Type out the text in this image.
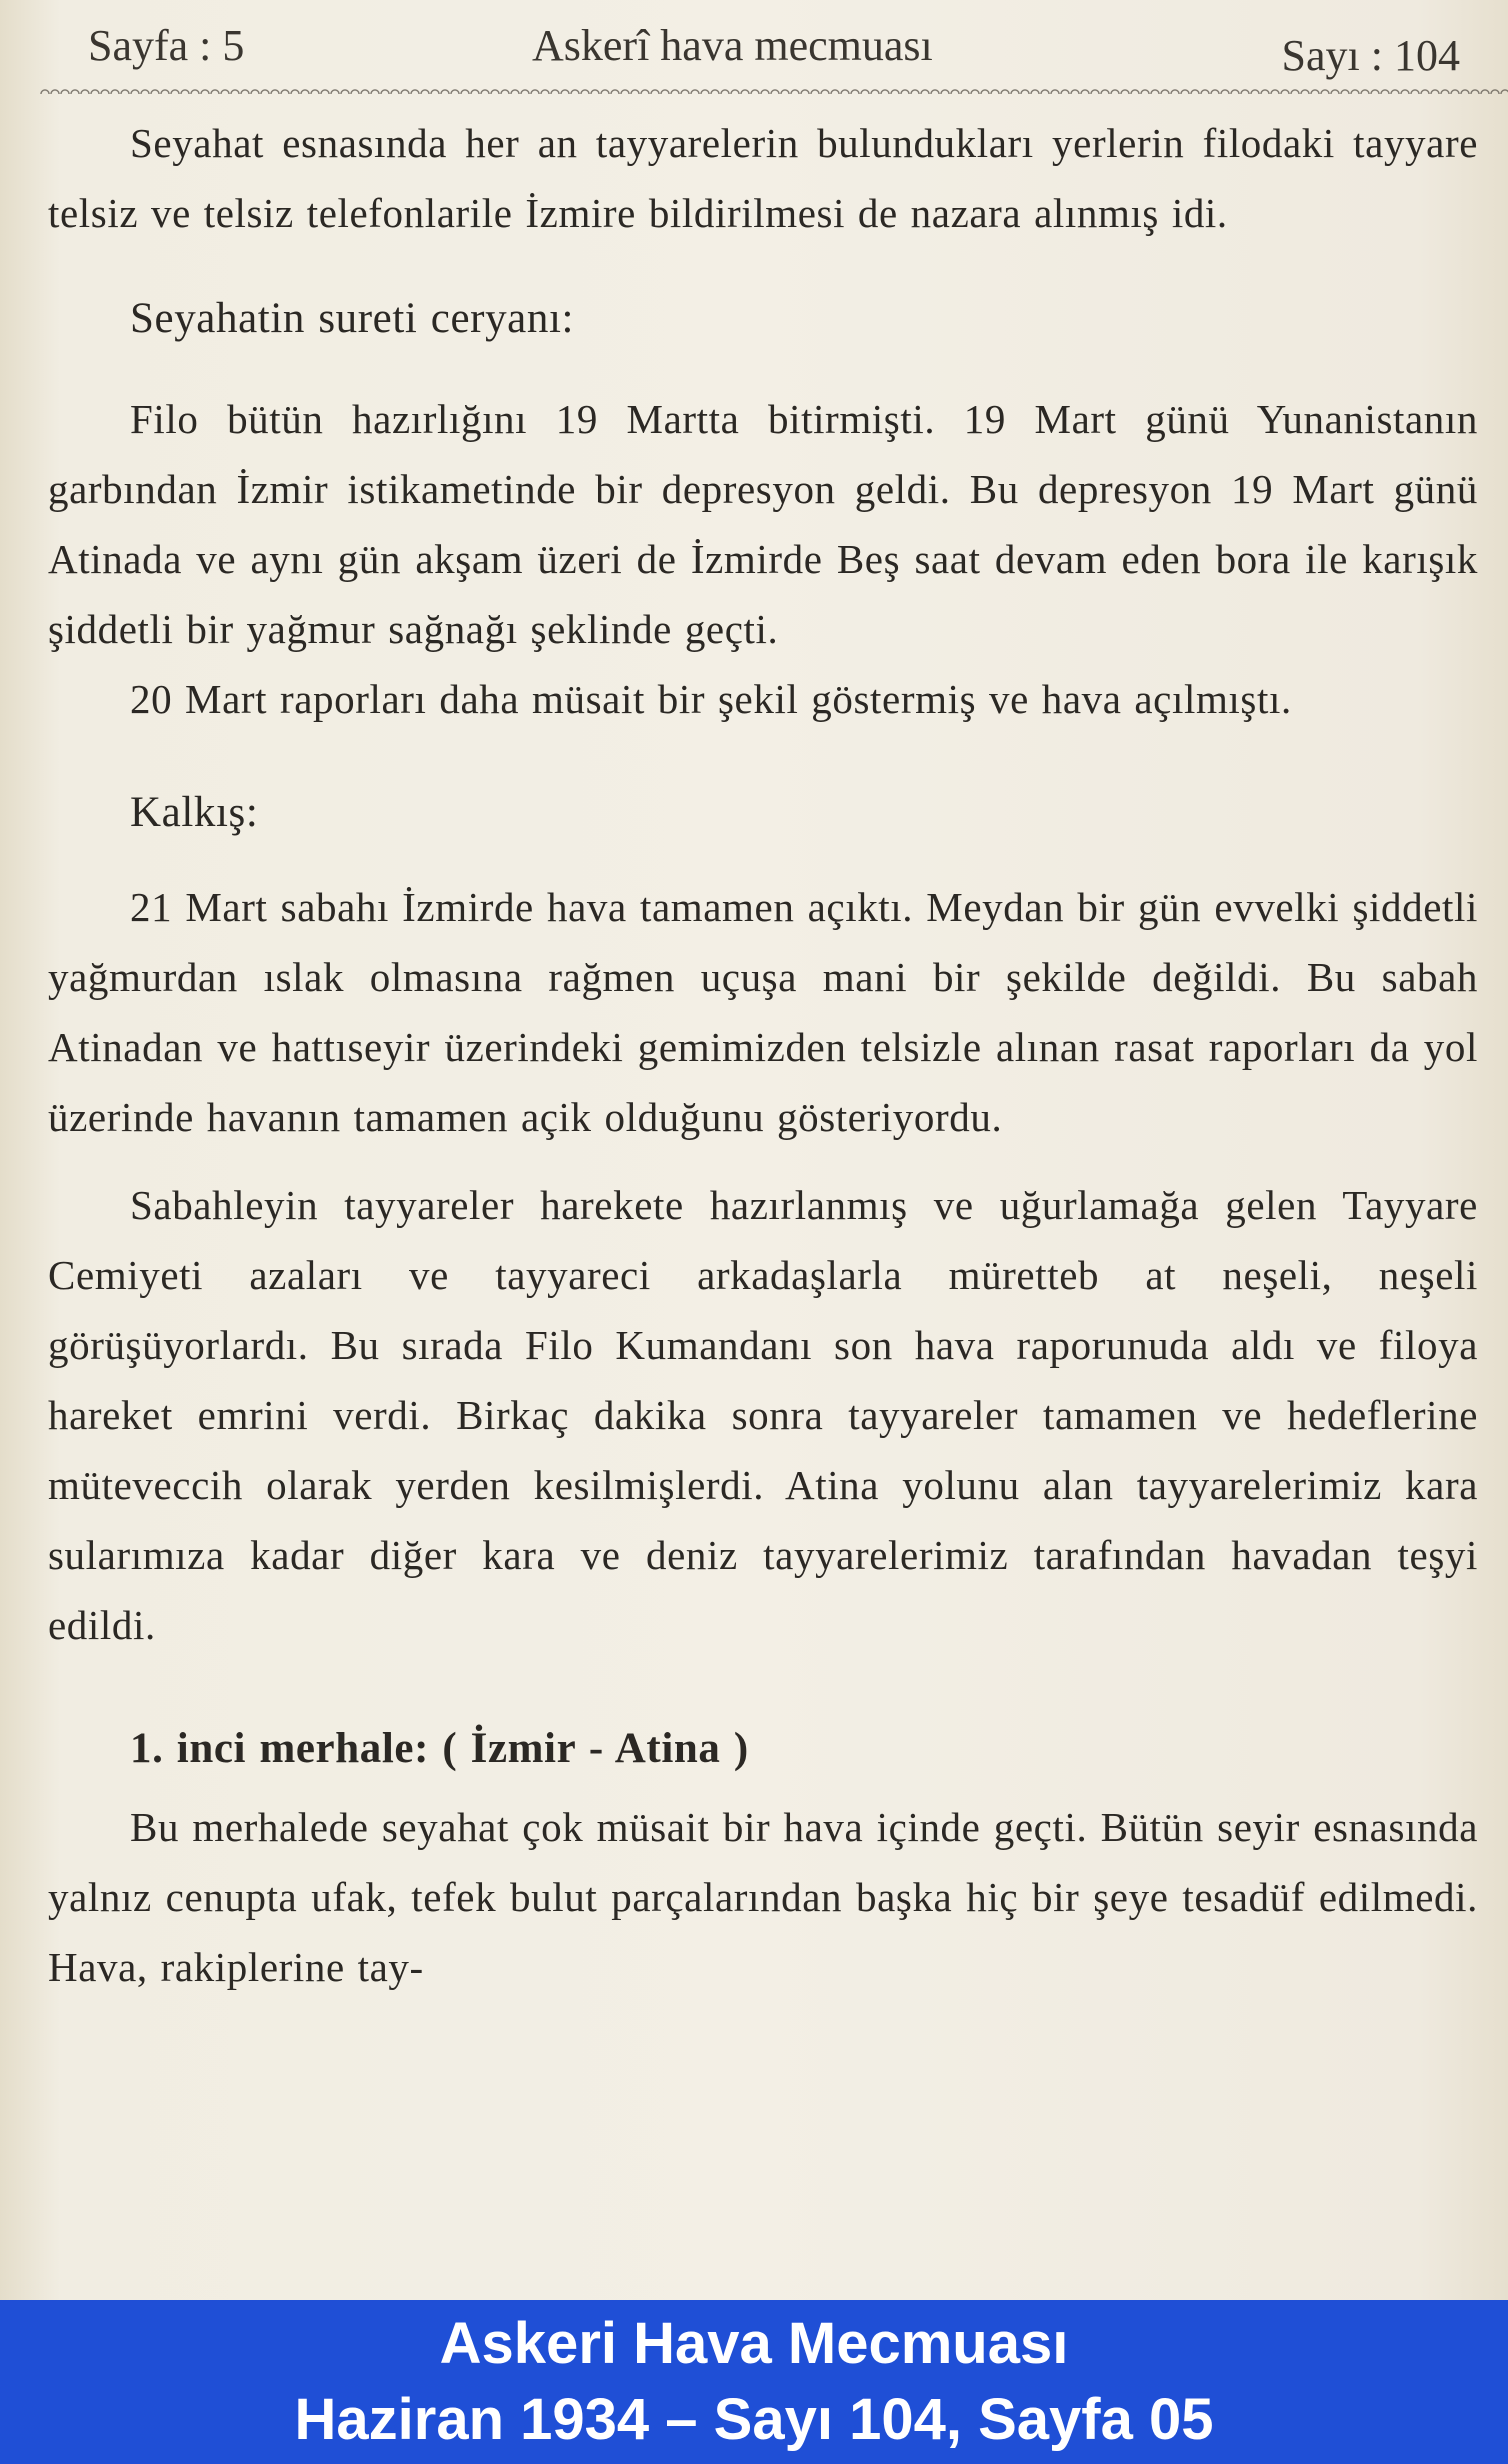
Sayfa : 5	Askerî hava mecmuası	Sayı : 104

Seyahat esnasında her an tayyarelerin bulundukları yerlerin filodaki tayyare telsiz ve telsiz telefonlarile İzmire bildirilmesi de nazara alınmış idi.

Seyahatin sureti ceryanı:

Filo bütün hazırlığını 19 Martta bitirmişti. 19 Mart günü Yunanistanın garbından İzmir istikametinde bir depresyon geldi. Bu depresyon 19 Mart günü Atinada ve aynı gün akşam üzeri de İzmirde Beş saat devam eden bora ile karışık şiddetli bir yağmur sağnağı şeklinde geçti.

20 Mart raporları daha müsait bir şekil göstermiş ve hava açılmıştı.

Kalkış:

21 Mart sabahı İzmirde hava tamamen açıktı. Meydan bir gün evvelki şiddetli yağmurdan ıslak olmasına rağmen uçuşa mani bir şekilde değildi. Bu sabah Atinadan ve hattıseyir üzerindeki gemimizden telsizle alınan rasat raporları da yol üzerinde havanın tamamen açik olduğunu gösteriyordu.

Sabahleyin tayyareler harekete hazırlanmış ve uğurlamağa gelen Tayyare Cemiyeti azaları ve tayyareci arkadaşlarla müretteb at neşeli, neşeli görüşüyorlardı. Bu sırada Filo Kumandanı son hava raporunuda aldı ve filoya hareket emrini verdi. Birkaç dakika sonra tayyareler tamamen ve hedeflerine müteveccih olarak yerden kesilmişlerdi. Atina yolunu alan tayyarelerimiz kara sularımıza kadar diğer kara ve deniz tayyarelerimiz tarafından havadan teşyi edildi.

1. inci merhale: ( İzmir - Atina )

Bu merhalede seyahat çok müsait bir hava içinde geçti. Bütün seyir esnasında yalnız cenupta ufak, tefek bulut parçalarından başka hiç bir şeye tesadüf edilmedi. Hava, rakiplerine tay-

Askeri Hava Mecmuası
Haziran 1934 – Sayı 104, Sayfa 05
